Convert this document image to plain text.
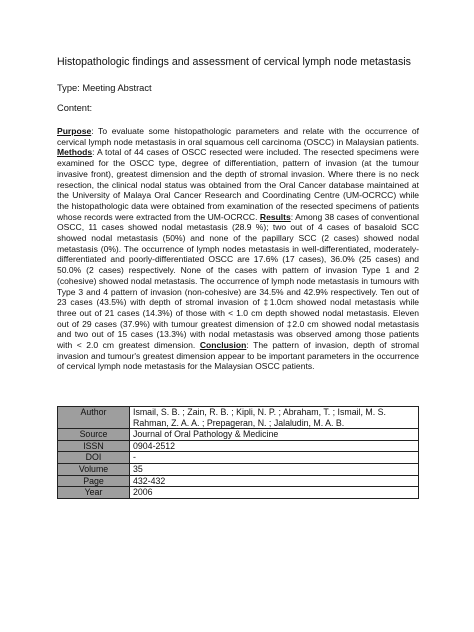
Histopathologic findings and assessment of cervical lymph node metastasis
Type: Meeting Abstract
Content:
Purpose: To evaluate some histopathologic parameters and relate with the occurrence of cervical lymph node metastasis in oral squamous cell carcinoma (OSCC) in Malaysian patients. Methods: A total of 44 cases of OSCC resected were included. The resected specimens were examined for the OSCC type, degree of differentiation, pattern of invasion (at the tumour invasive front), greatest dimension and the depth of stromal invasion. Where there is no neck resection, the clinical nodal status was obtained from the Oral Cancer database maintained at the University of Malaya Oral Cancer Research and Coordinating Centre (UM-OCRCC) while the histopathologic data were obtained from examination of the resected specimens of patients whose records were extracted from the UM-OCRCC. Results: Among 38 cases of conventional OSCC, 11 cases showed nodal metastasis (28.9 %); two out of 4 cases of basaloid SCC showed nodal metastasis (50%) and none of the papillary SCC (2 cases) showed nodal metastasis (0%). The occurrence of lymph nodes metastasis in well-differentiated, moderately-differentiated and poorly-differentiated OSCC are 17.6% (17 cases), 36.0% (25 cases) and 50.0% (2 cases) respectively. None of the cases with pattern of invasion Type 1 and 2 (cohesive) showed nodal metastasis. The occurrence of lymph node metastasis in tumours with Type 3 and 4 pattern of invasion (non-cohesive) are 34.5% and 42.9% respectively. Ten out of 23 cases (43.5%) with depth of stromal invasion of ‡1.0cm showed nodal metastasis while three out of 21 cases (14.3%) of those with < 1.0 cm depth showed nodal metastasis. Eleven out of 29 cases (37.9%) with tumour greatest dimension of ‡2.0 cm showed nodal metastasis and two out of 15 cases (13.3%) with nodal metastasis was observed among those patients with < 2.0 cm greatest dimension. Conclusion: The pattern of invasion, depth of stromal invasion and tumour's greatest dimension appear to be important parameters in the occurrence of cervical lymph node metastasis for the Malaysian OSCC patients.
Author	Ismail, S. B. ; Zain, R. B. ; Kipli, N. P. ; Abraham, T. ; Ismail, M. S. Rahman, Z. A. A. ; Prepageran, N. ; Jalaludin, M. A. B.
Source	Journal of Oral Pathology & Medicine
ISSN	0904-2512
DOI	-
Volume	35
Page	432-432
Year	2006
